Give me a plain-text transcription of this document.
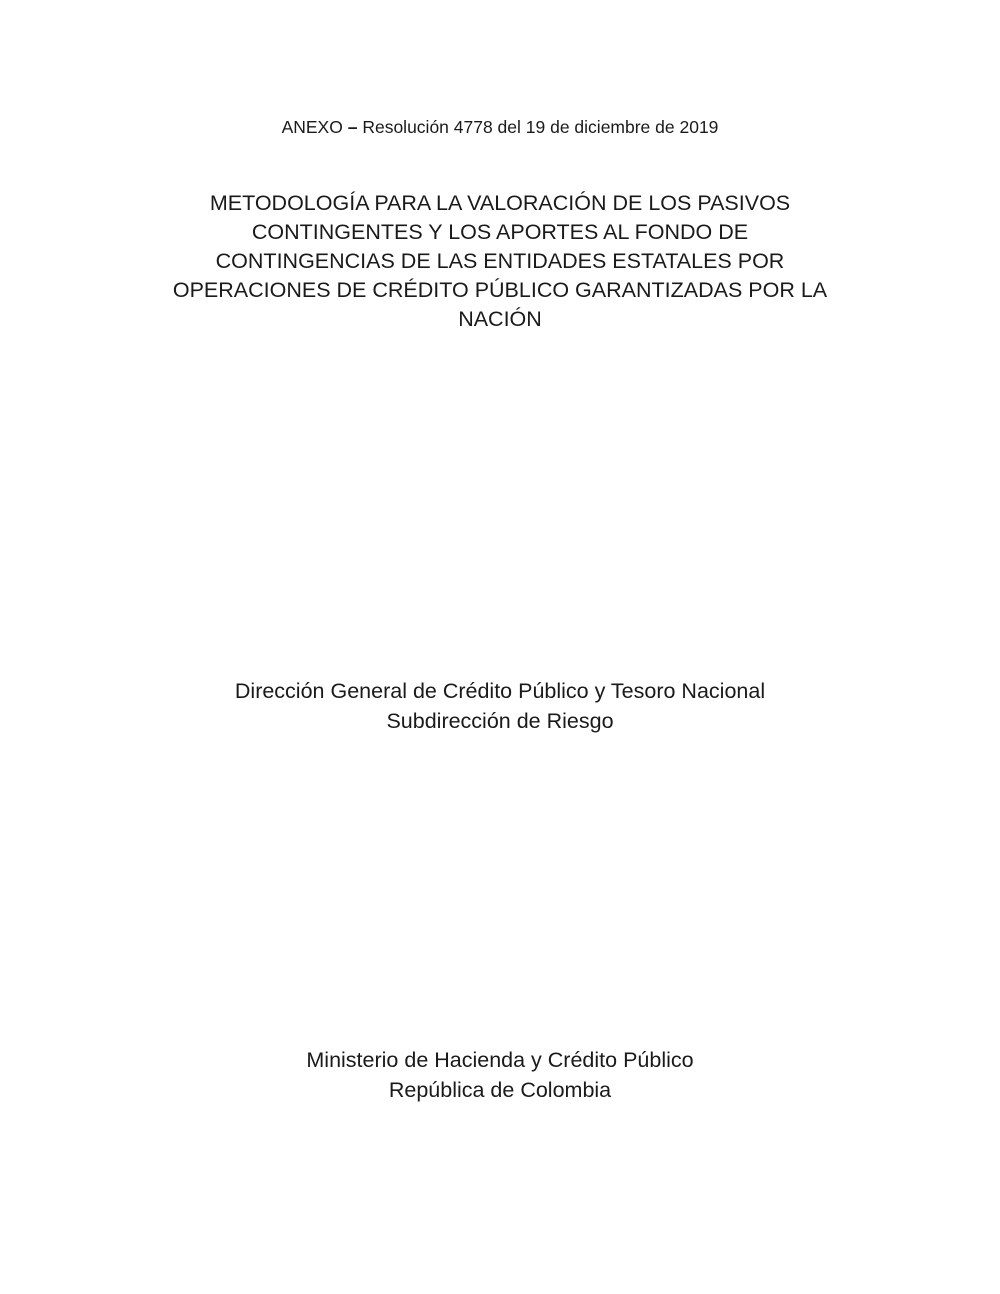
ANEXO – Resolución 4778 del 19 de diciembre de 2019
METODOLOGÍA PARA LA VALORACIÓN DE LOS PASIVOS
CONTINGENTES Y LOS APORTES AL FONDO DE
CONTINGENCIAS DE LAS ENTIDADES ESTATALES POR
OPERACIONES DE CRÉDITO PÚBLICO GARANTIZADAS POR LA
NACIÓN
Dirección General de Crédito Público y Tesoro Nacional
Subdirección de Riesgo
Ministerio de Hacienda y Crédito Público
República de Colombia
